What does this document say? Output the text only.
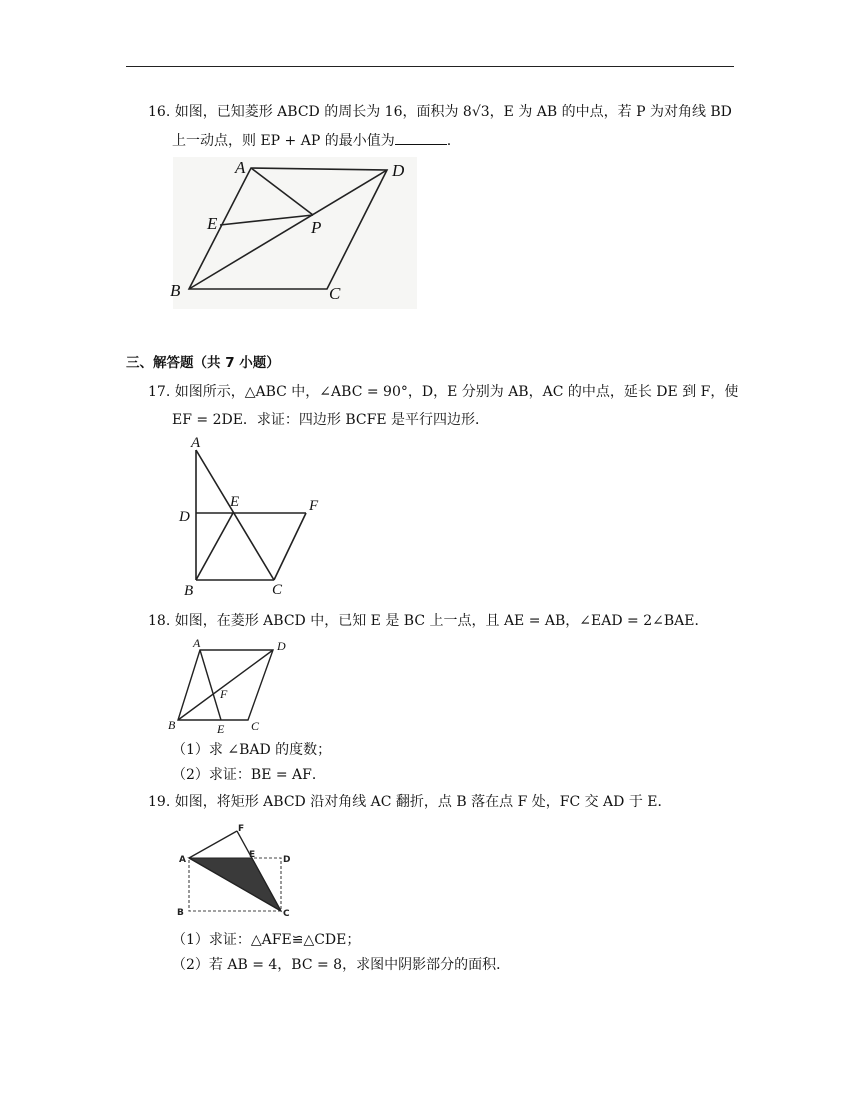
16. 如图，已知菱形 ABCD 的周长为 16，面积为 8√3，E 为 AB 的中点，若 P 为对角线 BD
上一动点，则 EP + AP 的最小值为	.
A	D
E	P
B	C
三、解答题（共 7 小题）
17. 如图所示，△ABC 中，∠ABC = 90°，D，E 分别为 AB，AC 的中点，延长 DE 到 F，使
EF = 2DE．求证：四边形 BCFE 是平行四边形．
A
D
E	F
B	C
18. 如图，在菱形 ABCD 中，已知 E 是 BC 上一点，且 AE = AB，∠EAD = 2∠BAE．
A	D
F
B	E C
（1）求 ∠BAD 的度数；
（2）求证：BE = AF．
19. 如图，将矩形 ABCD 沿对角线 AC 翻折，点 B 落在点 F 处，FC 交 AD 于 E．
F
A	E	D
B	C
（1）求证：△AFE≌△CDE；
（2）若 AB = 4，BC = 8，求图中阴影部分的面积．
